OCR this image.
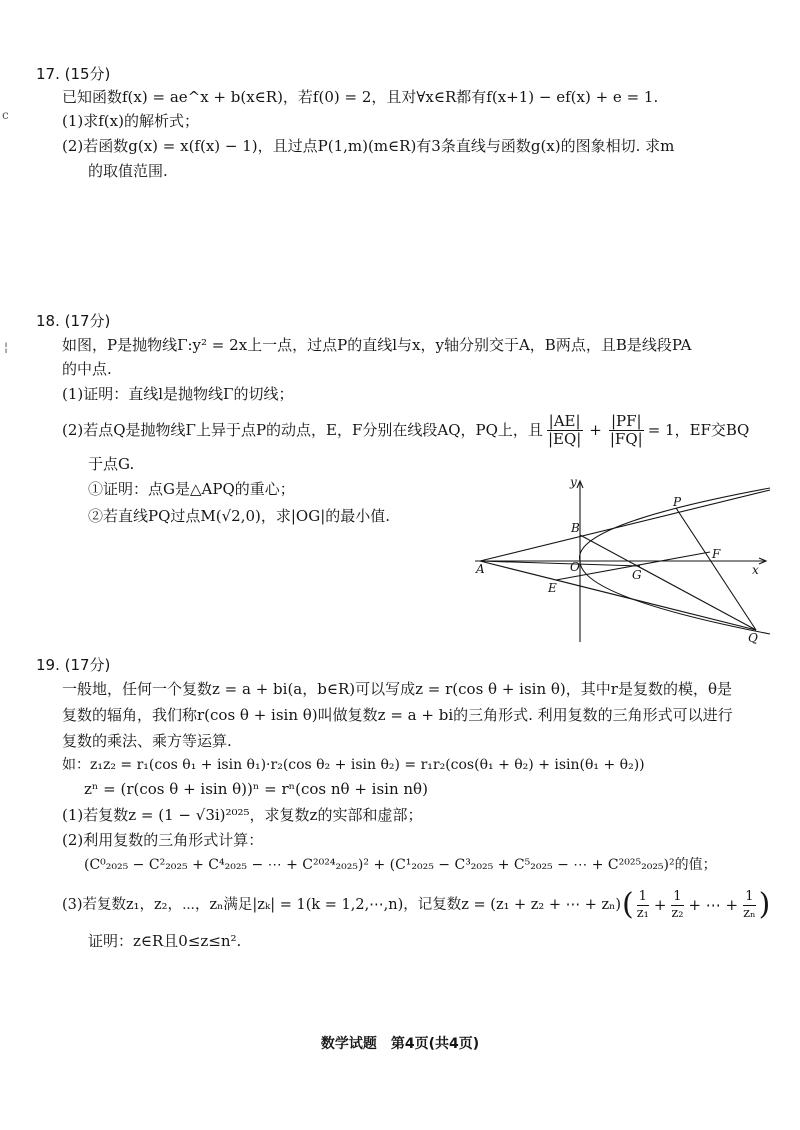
c
¦
17. (15分)
已知函数f(x) = ae^x + b(x∈R)，若f(0) = 2，且对∀x∈R都有f(x+1) − ef(x) + e = 1.
(1)求f(x)的解析式；
(2)若函数g(x) = x(f(x) − 1)，且过点P(1,m)(m∈R)有3条直线与函数g(x)的图象相切. 求m
的取值范围.
18. (17分)
如图，P是抛物线Γ:y² = 2x上一点，过点P的直线l与x，y轴分别交于A，B两点，且B是线段PA
的中点.
(1)证明：直线l是抛物线Γ的切线；
(2)若点Q是抛物线Γ上异于点P的动点，E，F分别在线段AQ，PQ上，且 $\frac{|AE|}{|EQ|} + \frac{|PF|}{|FQ|} = 1$，EF交BQ
于点G.
①证明：点G是△APQ的重心；
②若直线PQ过点M(√2,0)，求|OG|的最小值.
y
x
P
B
O
F
A	G
E
Q
19. (17分)
一般地，任何一个复数z = a + bi(a，b∈R)可以写成z = r(cos θ + isin θ)，其中r是复数的模，θ是
复数的辐角，我们称r(cos θ + isin θ)叫做复数z = a + bi的三角形式. 利用复数的三角形式可以进行
复数的乘法、乘方等运算.
如：z₁z₂ = r₁(cos θ₁ + isin θ₁)·r₂(cos θ₂ + isin θ₂) = r₁r₂(cos(θ₁ + θ₂) + isin(θ₁ + θ₂))
zⁿ = (r(cos θ + isin θ))ⁿ = rⁿ(cos nθ + isin nθ)
(1)若复数z = (1 − √3i)²⁰²⁵，求复数z的实部和虚部；
(2)利用复数的三角形式计算：
(C⁰₂₀₂₅ − C²₂₀₂₅ + C⁴₂₀₂₅ − ⋯ + C²⁰²⁴₂₀₂₅)² + (C¹₂₀₂₅ − C³₂₀₂₅ + C⁵₂₀₂₅ − ⋯ + C²⁰²⁵₂₀₂₅)²的值；
(3)若复数z₁，z₂，⋯，zₙ满足|zₖ| = 1(k = 1,2,⋯,n)，记复数z = (z₁ + z₂ + ⋯ + zₙ) ( $\frac{1}{\text{z₁}} + \frac{1}{\text{z₂}}$ + ⋯ + $\frac{1}{\text{zₙ}}$ )
证明：z∈R且0≤z≤n².
数学试题　第4页(共4页)
